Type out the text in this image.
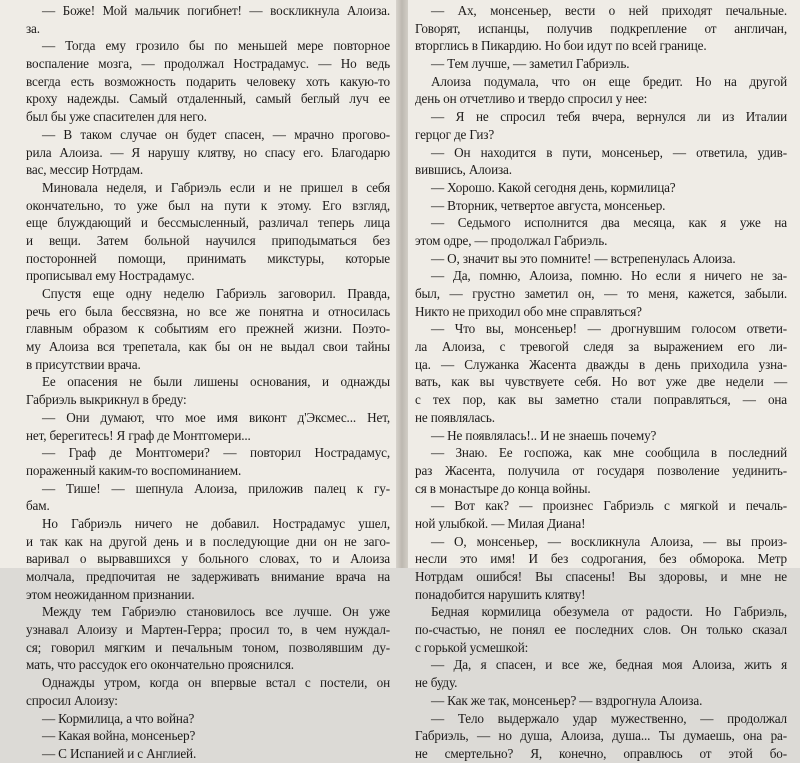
— Боже! Мой мальчик погибнет! — воскликнула Алоиза.
за.
— Тогда ему грозило бы по меньшей мере повторное
воспаление мозга, — продолжал Нострадамус. — Но ведь
всегда есть возможность подарить человеку хоть какую-то
кроху надежды. Самый отдаленный, самый беглый луч ее
был бы уже спасителен для него.
— В таком случае он будет спасен, — мрачно прогово-
рила Алоиза. — Я нарушу клятву, но спасу его. Благодарю
вас, мессир Нотрдам.
Миновала неделя, и Габриэль если и не пришел в себя
окончательно, то уже был на пути к этому. Его взгляд,
еще блуждающий и бессмысленный, различал теперь лица
и вещи. Затем больной научился приподыматься без
посторонней помощи, принимать микстуры, которые
прописывал ему Нострадамус.
Спустя еще одну неделю Габриэль заговорил. Правда,
речь его была бессвязна, но все же понятна и относилась
главным образом к событиям его прежней жизни. Поэто-
му Алоиза вся трепетала, как бы он не выдал свои тайны
в присутствии врача.
Ее опасения не были лишены основания, и однажды
Габриэль выкрикнул в бреду:
— Они думают, что мое имя виконт д'Эксмес... Нет,
нет, берегитесь! Я граф де Монтгомери...
— Граф де Монтгомери? — повторил Нострадамус,
пораженный каким-то воспоминанием.
— Тише! — шепнула Алоиза, приложив палец к гу-
бам.
Но Габриэль ничего не добавил. Нострадамус ушел,
и так как на другой день и в последующие дни он не заго-
варивал о вырвавшихся у больного словах, то и Алоиза
молчала, предпочитая не задерживать внимание врача на
этом неожиданном признании.
Между тем Габриэлю становилось все лучше. Он уже
узнавал Алоизу и Мартен-Герра; просил то, в чем нуждал-
ся; говорил мягким и печальным тоном, позволявшим ду-
мать, что рассудок его окончательно прояснился.
Однажды утром, когда он впервые встал с постели, он
спросил Алоизу:
— Кормилица, а что война?
— Какая война, монсеньер?
— С Испанией и с Англией.
— Ах, монсеньер, вести о ней приходят печальные.
Говорят, испанцы, получив подкрепление от англичан,
вторглись в Пикардию. Но бои идут по всей границе.
— Тем лучше, — заметил Габриэль.
Алоиза подумала, что он еще бредит. Но на другой
день он отчетливо и твердо спросил у нее:
— Я не спросил тебя вчера, вернулся ли из Италии
герцог де Гиз?
— Он находится в пути, монсеньер, — ответила, удив-
вившись, Алоиза.
— Хорошо. Какой сегодня день, кормилица?
— Вторник, четвертое августа, монсеньер.
— Седьмого исполнится два месяца, как я уже на
этом одре, — продолжал Габриэль.
— О, значит вы это помните! — встрепенулась Алоиза.
— Да, помню, Алоиза, помню. Но если я ничего не за-
был, — грустно заметил он, — то меня, кажется, забыли.
Никто не приходил обо мне справляться?
— Что вы, монсеньер! — дрогнувшим голосом ответи-
ла Алоиза, с тревогой следя за выражением его ли-
ца. — Служанка Жасента дважды в день приходила узна-
вать, как вы чувствуете себя. Но вот уже две недели —
с тех пор, как вы заметно стали поправляться, — она
не появлялась.
— Не появлялась!.. И не знаешь почему?
— Знаю. Ее госпожа, как мне сообщила в последний
раз Жасента, получила от государя позволение уединить-
ся в монастыре до конца войны.
— Вот как? — произнес Габриэль с мягкой и печаль-
ной улыбкой. — Милая Диана!
— О, монсеньер, — воскликнула Алоиза, — вы произ-
несли это имя! И без содрогания, без обморока. Метр
Нотрдам ошибся! Вы спасены! Вы здоровы, и мне не
понадобится нарушить клятву!
Бедная кормилица обезумела от радости. Но Габриэль,
по-счастью, не понял ее последних слов. Он только сказал
с горькой усмешкой:
— Да, я спасен, и все же, бедная моя Алоиза, жить я
не буду.
— Как же так, монсеньер? — вздрогнула Алоиза.
— Тело выдержало удар мужественно, — продолжал
Габриэль, — но душа, Алоиза, душа... Ты думаешь, она ра-
не смертельно? Я, конечно, оправлюсь от этой бо-
